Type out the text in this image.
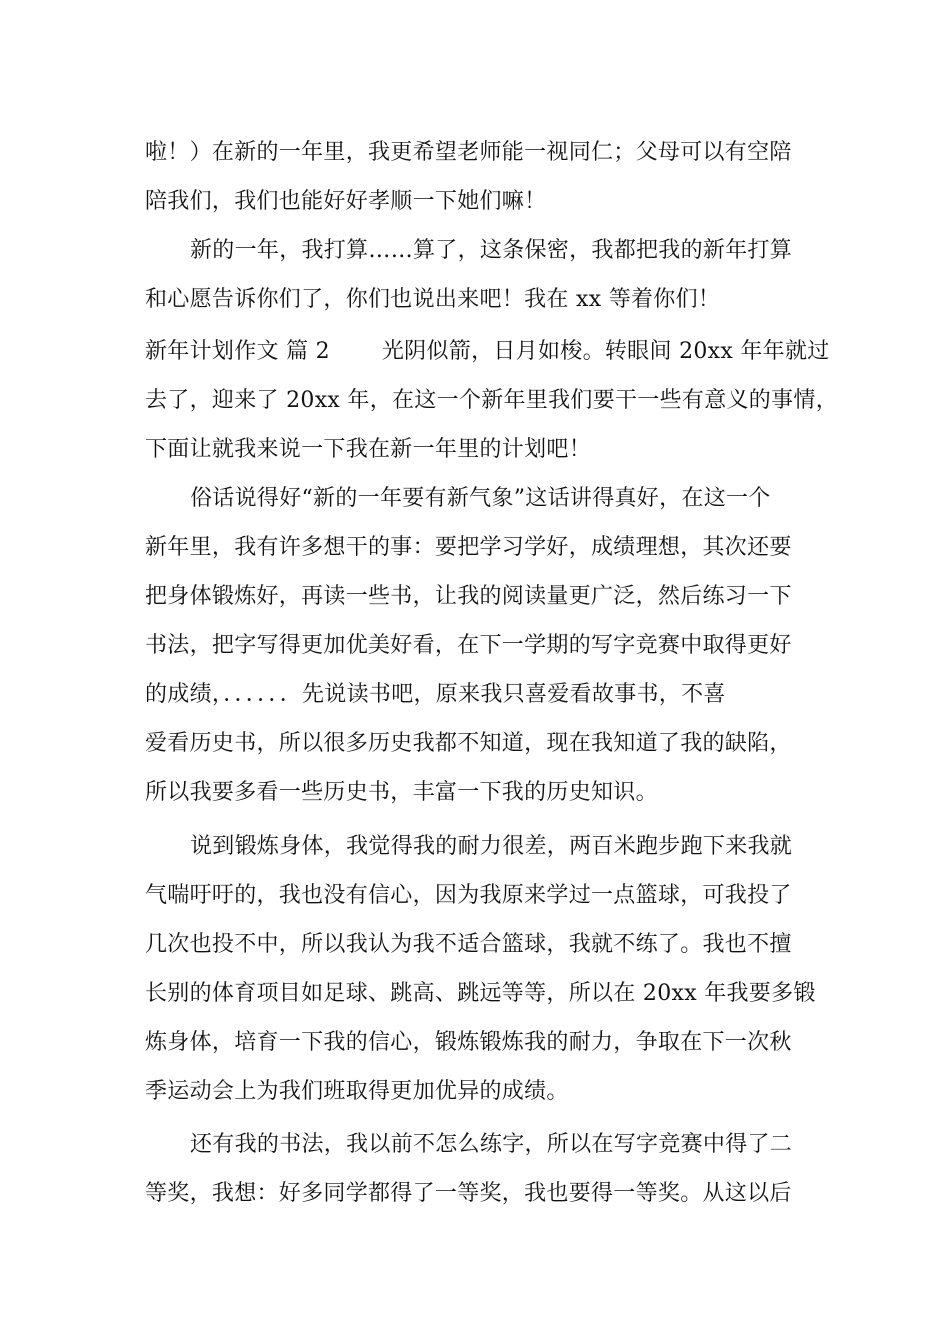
啦！）在新的一年里，我更希望老师能一视同仁；父母可以有空陪
陪我们，我们也能好好孝顺一下她们嘛！
新的一年，我打算……算了，这条保密，我都把我的新年打算
和心愿告诉你们了，你们也说出来吧！我在 xx 等着你们！
新年计划作文 篇 2　　 光阴似箭，日月如梭。转眼间 20xx 年年就过
去了，迎来了 20xx 年，在这一个新年里我们要干一些有意义的事情，
下面让就我来说一下我在新一年里的计划吧！
俗话说得好“新的一年要有新气象”这话讲得真好，在这一个
新年里，我有许多想干的事：要把学习学好，成绩理想，其次还要
把身体锻炼好，再读一些书，让我的阅读量更广泛，然后练习一下
书法，把字写得更加优美好看，在下一学期的写字竞赛中取得更好
的成绩，．．．．．．先说读书吧，原来我只喜爱看故事书，不喜
爱看历史书，所以很多历史我都不知道，现在我知道了我的缺陷，
所以我要多看一些历史书，丰富一下我的历史知识。
说到锻炼身体，我觉得我的耐力很差，两百米跑步跑下来我就
气喘吁吁的，我也没有信心，因为我原来学过一点篮球，可我投了
几次也投不中，所以我认为我不适合篮球，我就不练了。我也不擅
长别的体育项目如足球、跳高、跳远等等，所以在 20xx 年我要多锻
炼身体，培育一下我的信心，锻炼锻炼我的耐力，争取在下一次秋
季运动会上为我们班取得更加优异的成绩。
还有我的书法，我以前不怎么练字，所以在写字竞赛中得了二
等奖，我想：好多同学都得了一等奖，我也要得一等奖。从这以后
